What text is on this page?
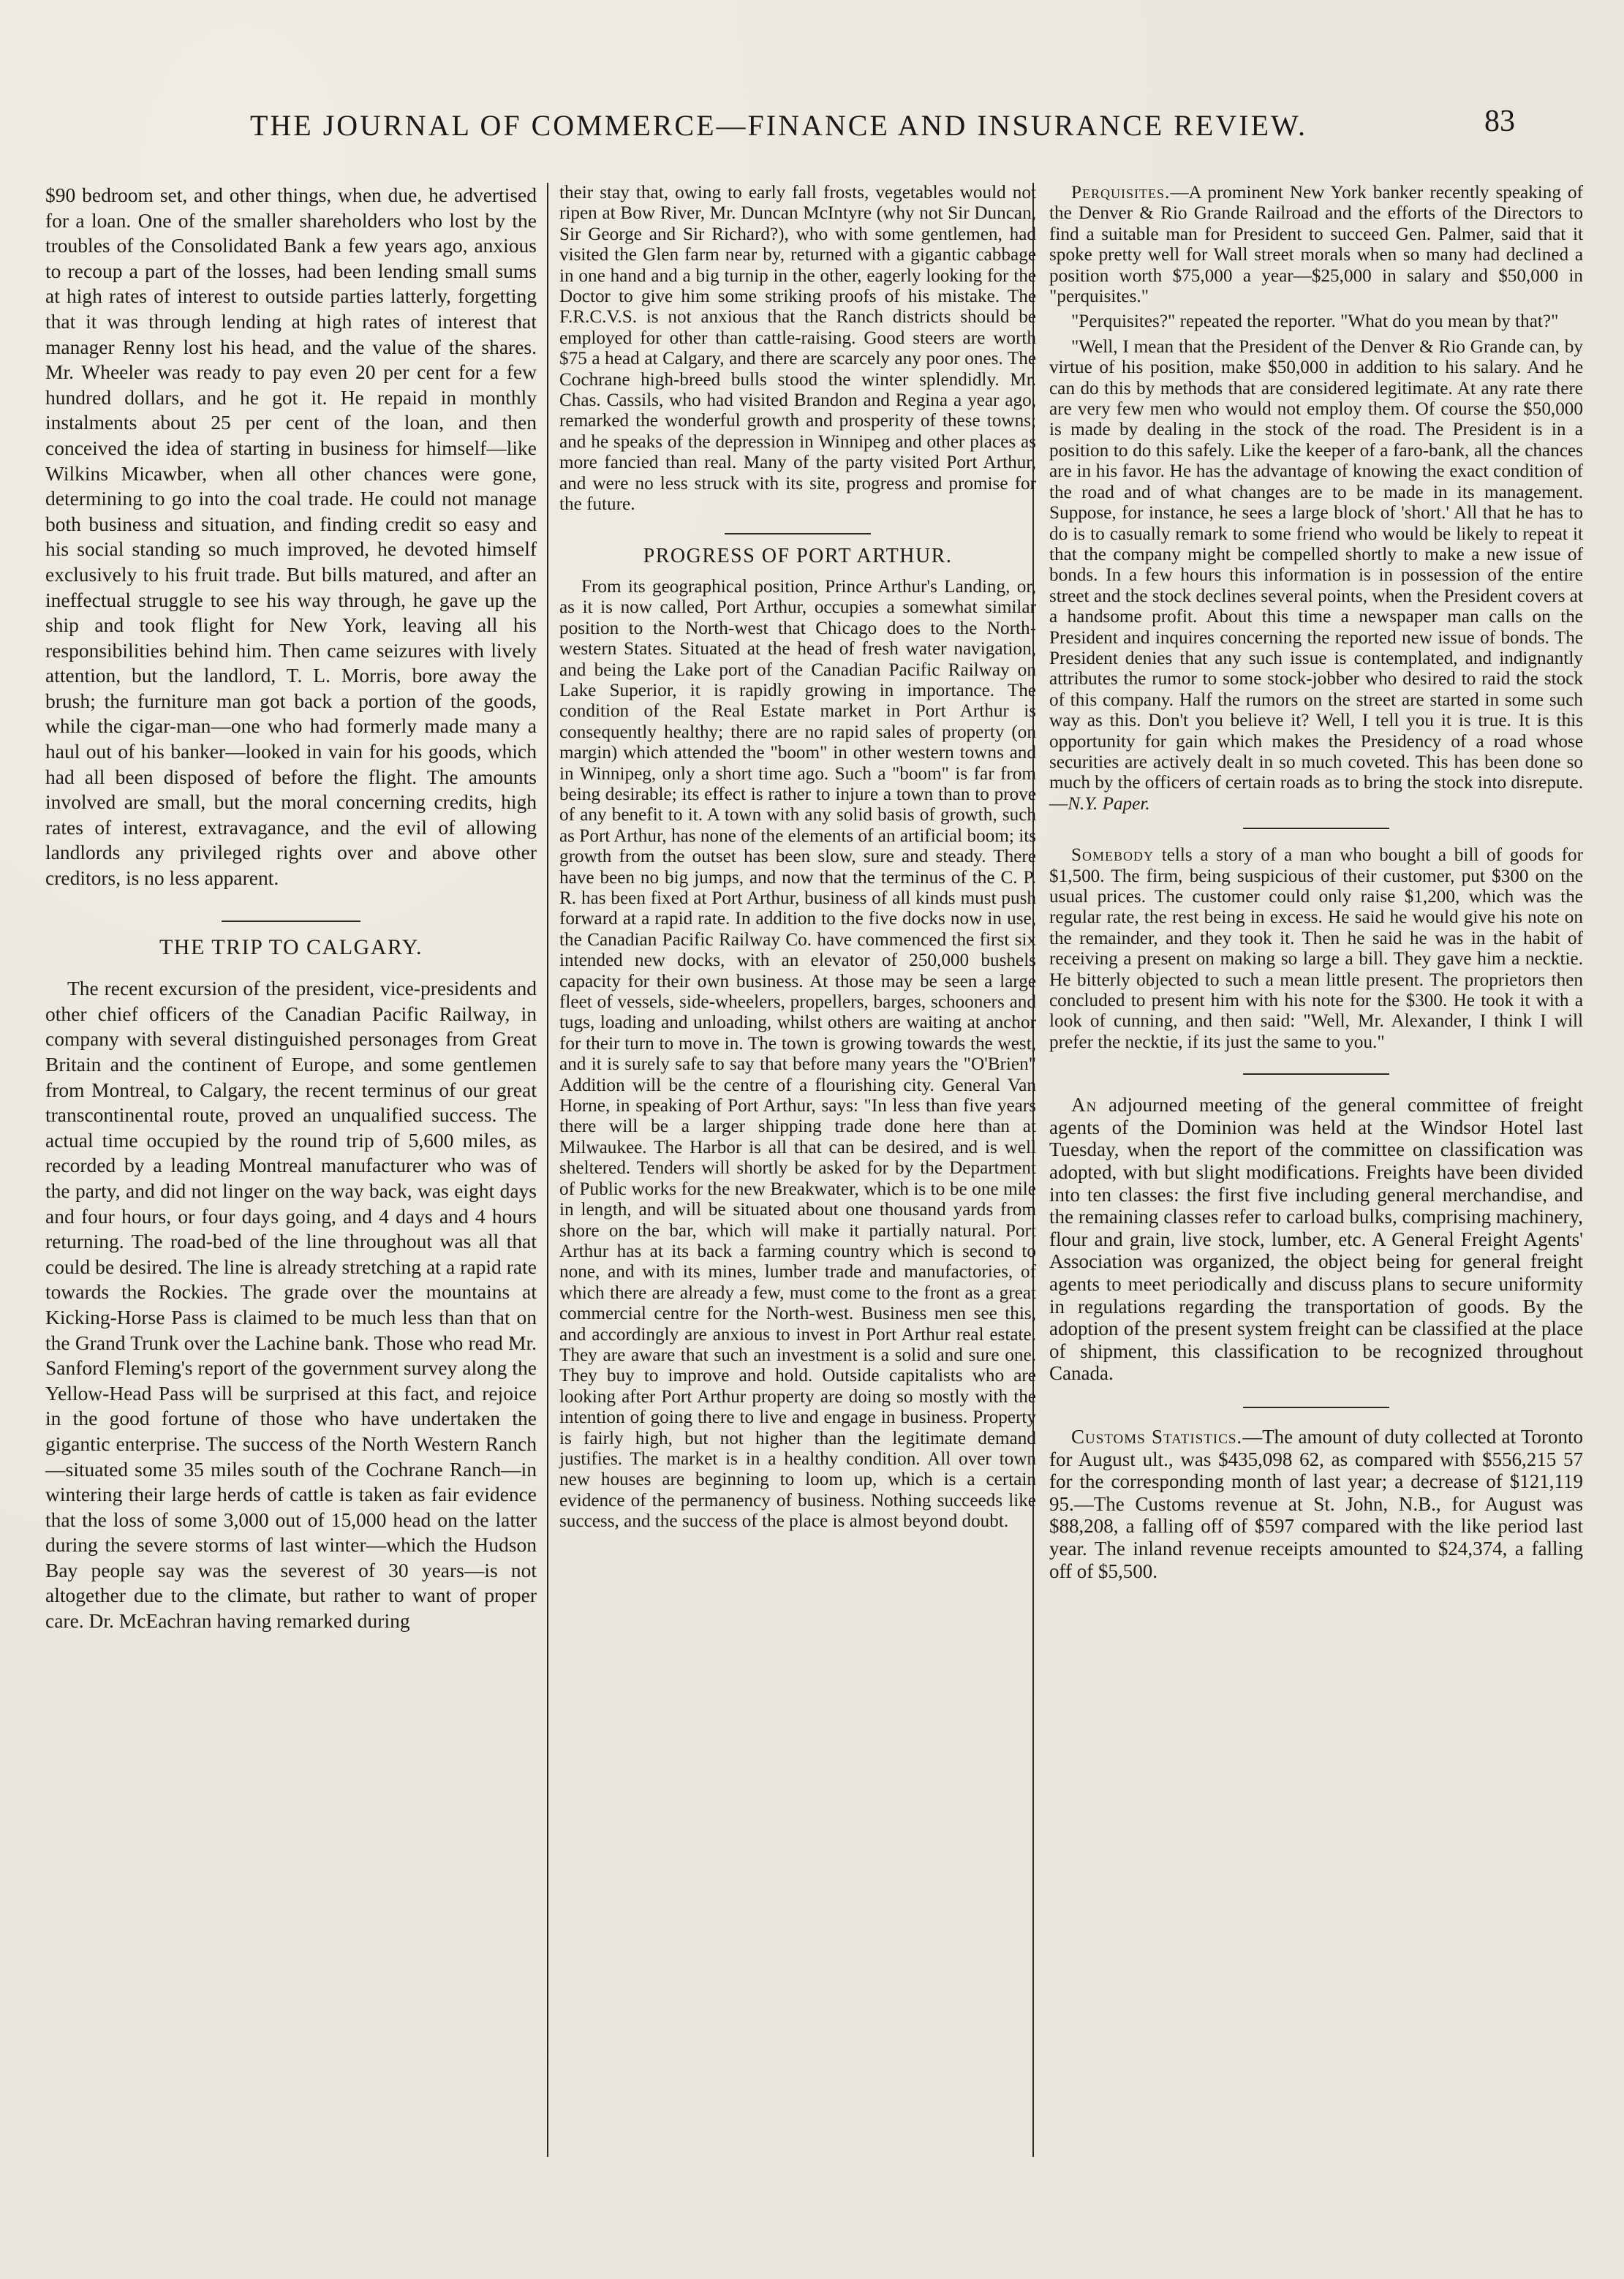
THE JOURNAL OF COMMERCE—FINANCE AND INSURANCE REVIEW.	83

$90 bedroom set, and other things, when due, he advertised for a loan. One of the smaller shareholders who lost by the troubles of the Consolidated Bank a few years ago, anxious to recoup a part of the losses, had been lending small sums at high rates of interest to outside parties latterly, forgetting that it was through lending at high rates of interest that manager Renny lost his head, and the value of the shares. Mr. Wheeler was ready to pay even 20 per cent for a few hundred dollars, and he got it. He repaid in monthly instalments about 25 per cent of the loan, and then conceived the idea of starting in business for himself—like Wilkins Micawber, when all other chances were gone, determining to go into the coal trade. He could not manage both business and situation, and finding credit so easy and his social standing so much improved, he devoted himself exclusively to his fruit trade. But bills matured, and after an ineffectual struggle to see his way through, he gave up the ship and took flight for New York, leaving all his responsibilities behind him. Then came seizures with lively attention, but the landlord, T. L. Morris, bore away the brush; the furniture man got back a portion of the goods, while the cigar-man—one who had formerly made many a haul out of his banker—looked in vain for his goods, which had all been disposed of before the flight. The amounts involved are small, but the moral concerning credits, high rates of interest, extravagance, and the evil of allowing landlords any privileged rights over and above other creditors, is no less apparent.

THE TRIP TO CALGARY.

The recent excursion of the president, vice-presidents and other chief officers of the Canadian Pacific Railway, in company with several distinguished personages from Great Britain and the continent of Europe, and some gentlemen from Montreal, to Calgary, the recent terminus of our great transcontinental route, proved an unqualified success. The actual time occupied by the round trip of 5,600 miles, as recorded by a leading Montreal manufacturer who was of the party, and did not linger on the way back, was eight days and four hours, or four days going, and 4 days and 4 hours returning. The road-bed of the line throughout was all that could be desired. The line is already stretching at a rapid rate towards the Rockies. The grade over the mountains at Kicking-Horse Pass is claimed to be much less than that on the Grand Trunk over the Lachine bank. Those who read Mr. Sanford Fleming's report of the government survey along the Yellow-Head Pass will be surprised at this fact, and rejoice in the good fortune of those who have undertaken the gigantic enterprise. The success of the North Western Ranch—situated some 35 miles south of the Cochrane Ranch—in wintering their large herds of cattle is taken as fair evidence that the loss of some 3,000 out of 15,000 head on the latter during the severe storms of last winter—which the Hudson Bay people say was the severest of 30 years—is not altogether due to the climate, but rather to want of proper care. Dr. McEachran having remarked during

their stay that, owing to early fall frosts, vegetables would not ripen at Bow River, Mr. Duncan McIntyre (why not Sir Duncan, Sir George and Sir Richard?), who with some gentlemen, had visited the Glen farm near by, returned with a gigantic cabbage in one hand and a big turnip in the other, eagerly looking for the Doctor to give him some striking proofs of his mistake. The F.R.C.V.S. is not anxious that the Ranch districts should be employed for other than cattle-raising. Good steers are worth $75 a head at Calgary, and there are scarcely any poor ones. The Cochrane high-breed bulls stood the winter splendidly. Mr. Chas. Cassils, who had visited Brandon and Regina a year ago, remarked the wonderful growth and prosperity of these towns; and he speaks of the depression in Winnipeg and other places as more fancied than real. Many of the party visited Port Arthur, and were no less struck with its site, progress and promise for the future.

PROGRESS OF PORT ARTHUR.

From its geographical position, Prince Arthur's Landing, or, as it is now called, Port Arthur, occupies a somewhat similar position to the North-west that Chicago does to the North-western States. Situated at the head of fresh water navigation, and being the Lake port of the Canadian Pacific Railway on Lake Superior, it is rapidly growing in importance. The condition of the Real Estate market in Port Arthur is consequently healthy; there are no rapid sales of property (on margin) which attended the "boom" in other western towns and in Winnipeg, only a short time ago. Such a "boom" is far from being desirable; its effect is rather to injure a town than to prove of any benefit to it. A town with any solid basis of growth, such as Port Arthur, has none of the elements of an artificial boom; its growth from the outset has been slow, sure and steady. There have been no big jumps, and now that the terminus of the C. P. R. has been fixed at Port Arthur, business of all kinds must push forward at a rapid rate. In addition to the five docks now in use, the Canadian Pacific Railway Co. have commenced the first six intended new docks, with an elevator of 250,000 bushels capacity for their own business. At those may be seen a large fleet of vessels, side-wheelers, propellers, barges, schooners and tugs, loading and unloading, whilst others are waiting at anchor for their turn to move in. The town is growing towards the west, and it is surely safe to say that before many years the "O'Brien" Addition will be the centre of a flourishing city. General Van Horne, in speaking of Port Arthur, says: "In less than five years there will be a larger shipping trade done here than at Milwaukee. The Harbor is all that can be desired, and is well sheltered. Tenders will shortly be asked for by the Department of Public works for the new Breakwater, which is to be one mile in length, and will be situated about one thousand yards from shore on the bar, which will make it partially natural. Port Arthur has at its back a farming country which is second to none, and with its mines, lumber trade and manufactories, of which there are already a few, must come to the front as a great commercial centre for the North-west. Business men see this, and accordingly are anxious to invest in Port Arthur real estate. They are aware that such an investment is a solid and sure one. They buy to improve and hold. Outside capitalists who are looking after Port Arthur property are doing so mostly with the intention of going there to live and engage in business. Property is fairly high, but not higher than the legitimate demand justifies. The market is in a healthy condition. All over town new houses are beginning to loom up, which is a certain evidence of the permanency of business. Nothing succeeds like success, and the success of the place is almost beyond doubt.

Perquisites.—A prominent New York banker recently speaking of the Denver & Rio Grande Railroad and the efforts of the Directors to find a suitable man for President to succeed Gen. Palmer, said that it spoke pretty well for Wall street morals when so many had declined a position worth $75,000 a year—$25,000 in salary and $50,000 in "perquisites."

"Perquisites?" repeated the reporter. "What do you mean by that?"

"Well, I mean that the President of the Denver & Rio Grande can, by virtue of his position, make $50,000 in addition to his salary. And he can do this by methods that are considered legitimate. At any rate there are very few men who would not employ them. Of course the $50,000 is made by dealing in the stock of the road. The President is in a position to do this safely. Like the keeper of a faro-bank, all the chances are in his favor. He has the advantage of knowing the exact condition of the road and of what changes are to be made in its management. Suppose, for instance, he sees a large block of 'short.' All that he has to do is to casually remark to some friend who would be likely to repeat it that the company might be compelled shortly to make a new issue of bonds. In a few hours this information is in possession of the entire street and the stock declines several points, when the President covers at a handsome profit. About this time a newspaper man calls on the President and inquires concerning the reported new issue of bonds. The President denies that any such issue is contemplated, and indignantly attributes the rumor to some stock-jobber who desired to raid the stock of this company. Half the rumors on the street are started in some such way as this. Don't you believe it? Well, I tell you it is true. It is this opportunity for gain which makes the Presidency of a road whose securities are actively dealt in so much coveted. This has been done so much by the officers of certain roads as to bring the stock into disrepute.—N.Y. Paper.

Somebody tells a story of a man who bought a bill of goods for $1,500. The firm, being suspicious of their customer, put $300 on the usual prices. The customer could only raise $1,200, which was the regular rate, the rest being in excess. He said he would give his note on the remainder, and they took it. Then he said he was in the habit of receiving a present on making so large a bill. They gave him a necktie. He bitterly objected to such a mean little present. The proprietors then concluded to present him with his note for the $300. He took it with a look of cunning, and then said: "Well, Mr. Alexander, I think I will prefer the necktie, if its just the same to you."

An adjourned meeting of the general committee of freight agents of the Dominion was held at the Windsor Hotel last Tuesday, when the report of the committee on classification was adopted, with but slight modifications. Freights have been divided into ten classes: the first five including general merchandise, and the remaining classes refer to carload bulks, comprising machinery, flour and grain, live stock, lumber, etc. A General Freight Agents' Association was organized, the object being for general freight agents to meet periodically and discuss plans to secure uniformity in regulations regarding the transportation of goods. By the adoption of the present system freight can be classified at the place of shipment, this classification to be recognized throughout Canada.

Customs Statistics.—The amount of duty collected at Toronto for August ult., was $435,098 62, as compared with $556,215 57 for the corresponding month of last year; a decrease of $121,119 95.—The Customs revenue at St. John, N.B., for August was $88,208, a falling off of $597 compared with the like period last year. The inland revenue receipts amounted to $24,374, a falling off of $5,500.
